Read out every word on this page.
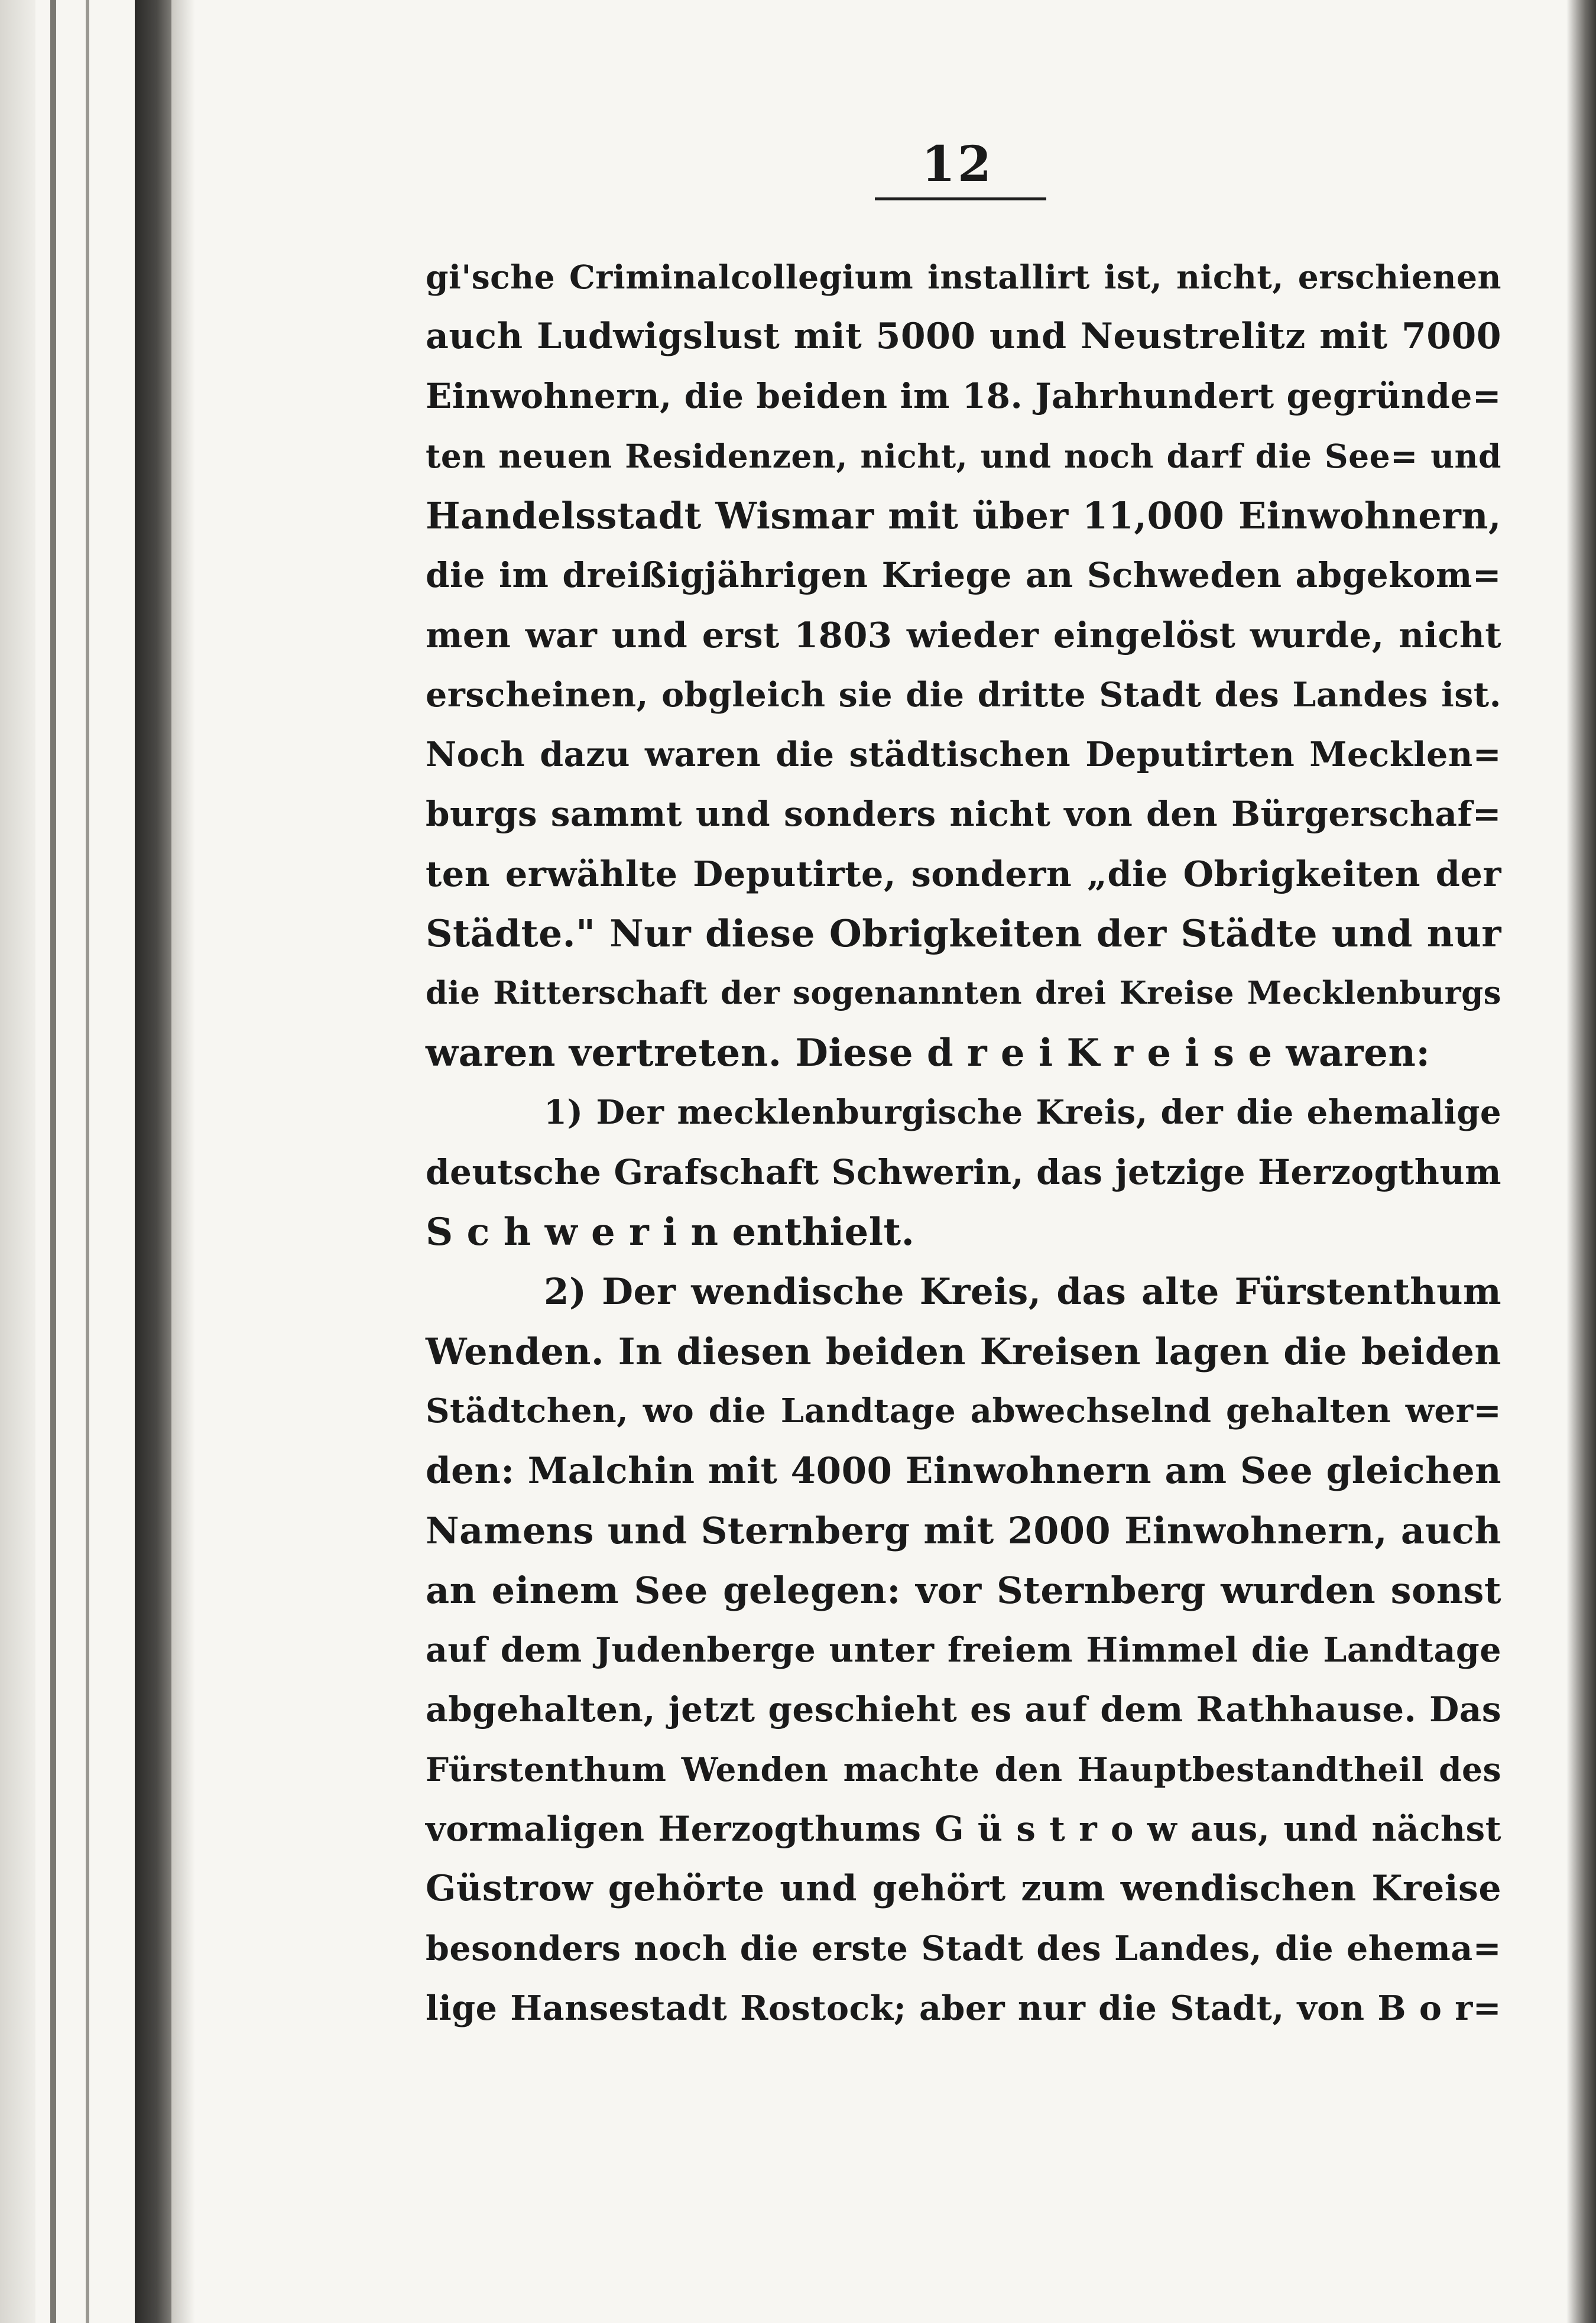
12
gi'sche Criminalcollegium installirt ist, nicht, erschienen
auch Ludwigslust mit 5000 und Neustrelitz mit 7000
Einwohnern, die beiden im 18. Jahrhundert gegründe=
ten neuen Residenzen, nicht, und noch darf die See= und
Handelsstadt Wismar mit über 11,000 Einwohnern,
die im dreißigjährigen Kriege an Schweden abgekom=
men war und erst 1803 wieder eingelöst wurde, nicht
erscheinen, obgleich sie die dritte Stadt des Landes ist.
Noch dazu waren die städtischen Deputirten Mecklen=
burgs sammt und sonders nicht von den Bürgerschaf=
ten erwählte Deputirte, sondern „die Obrigkeiten der
Städte." Nur diese Obrigkeiten der Städte und nur
die Ritterschaft der sogenannten drei Kreise Mecklenburgs
waren vertreten. Diese d r e i K r e i s e waren:
1) Der mecklenburgische Kreis, der die ehemalige
deutsche Grafschaft Schwerin, das jetzige Herzogthum
S c h w e r i n enthielt.
2) Der wendische Kreis, das alte Fürstenthum
Wenden. In diesen beiden Kreisen lagen die beiden
Städtchen, wo die Landtage abwechselnd gehalten wer=
den: Malchin mit 4000 Einwohnern am See gleichen
Namens und Sternberg mit 2000 Einwohnern, auch
an einem See gelegen: vor Sternberg wurden sonst
auf dem Judenberge unter freiem Himmel die Landtage
abgehalten, jetzt geschieht es auf dem Rathhause. Das
Fürstenthum Wenden machte den Hauptbestandtheil des
vormaligen Herzogthums G ü s t r o w aus, und nächst
Güstrow gehörte und gehört zum wendischen Kreise
besonders noch die erste Stadt des Landes, die ehema=
lige Hansestadt Rostock; aber nur die Stadt, von B o r=
